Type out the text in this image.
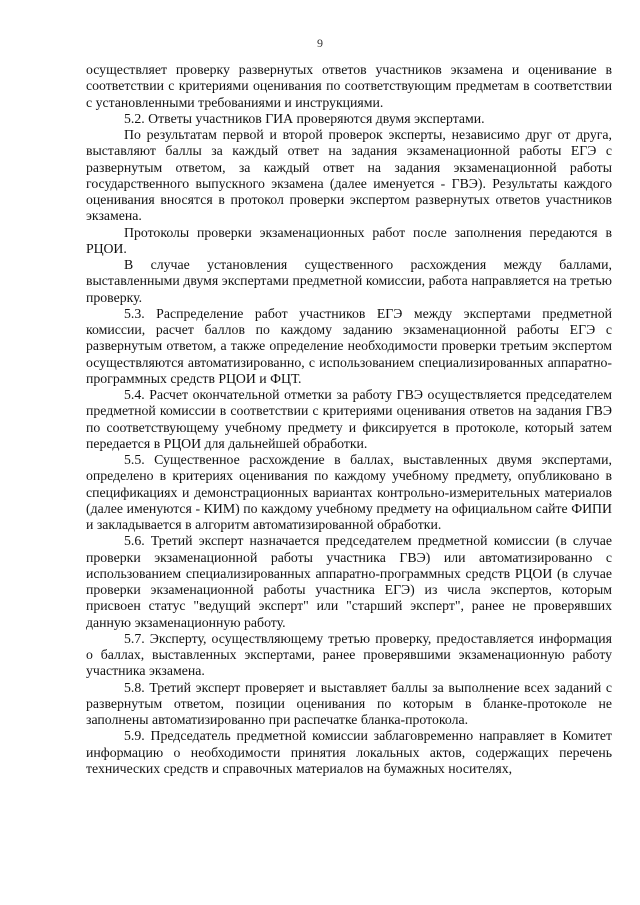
9

осуществляет проверку развернутых ответов участников экзамена и оценивание в соответствии с критериями оценивания по соответствующим предметам в соответствии с установленными требованиями и инструкциями.

5.2. Ответы участников ГИА проверяются двумя экспертами.

По результатам первой и второй проверок эксперты, независимо друг от друга, выставляют баллы за каждый ответ на задания экзаменационной работы ЕГЭ с развернутым ответом, за каждый ответ на задания экзаменационной работы государственного выпускного экзамена (далее именуется - ГВЭ). Результаты каждого оценивания вносятся в протокол проверки экспертом развернутых ответов участников экзамена.

Протоколы проверки экзаменационных работ после заполнения передаются в РЦОИ.

В случае установления существенного расхождения между баллами, выставленными двумя экспертами предметной комиссии, работа направляется на третью проверку.

5.3. Распределение работ участников ЕГЭ между экспертами предметной комиссии, расчет баллов по каждому заданию экзаменационной работы ЕГЭ с развернутым ответом, а также определение необходимости проверки третьим экспертом осуществляются автоматизированно, с использованием специализированных аппаратно-программных средств РЦОИ и ФЦТ.

5.4. Расчет окончательной отметки за работу ГВЭ осуществляется председателем предметной комиссии в соответствии с критериями оценивания ответов на задания ГВЭ по соответствующему учебному предмету и фиксируется в протоколе, который затем передается в РЦОИ для дальнейшей обработки.

5.5. Существенное расхождение в баллах, выставленных двумя экспертами, определено в критериях оценивания по каждому учебному предмету, опубликовано в спецификациях и демонстрационных вариантах контрольно-измерительных материалов (далее именуются - КИМ) по каждому учебному предмету на официальном сайте ФИПИ и закладывается в алгоритм автоматизированной обработки.

5.6. Третий эксперт назначается председателем предметной комиссии (в случае проверки экзаменационной работы участника ГВЭ) или автоматизированно с использованием специализированных аппаратно-программных средств РЦОИ (в случае проверки экзаменационной работы участника ЕГЭ) из числа экспертов, которым присвоен статус "ведущий эксперт" или "старший эксперт", ранее не проверявших данную экзаменационную работу.

5.7. Эксперту, осуществляющему третью проверку, предоставляется информация о баллах, выставленных экспертами, ранее проверявшими экзаменационную работу участника экзамена.

5.8. Третий эксперт проверяет и выставляет баллы за выполнение всех заданий с развернутым ответом, позиции оценивания по которым в бланке-протоколе не заполнены автоматизированно при распечатке бланка-протокола.

5.9. Председатель предметной комиссии заблаговременно направляет в Комитет информацию о необходимости принятия локальных актов, содержащих перечень технических средств и справочных материалов на бумажных носителях,
